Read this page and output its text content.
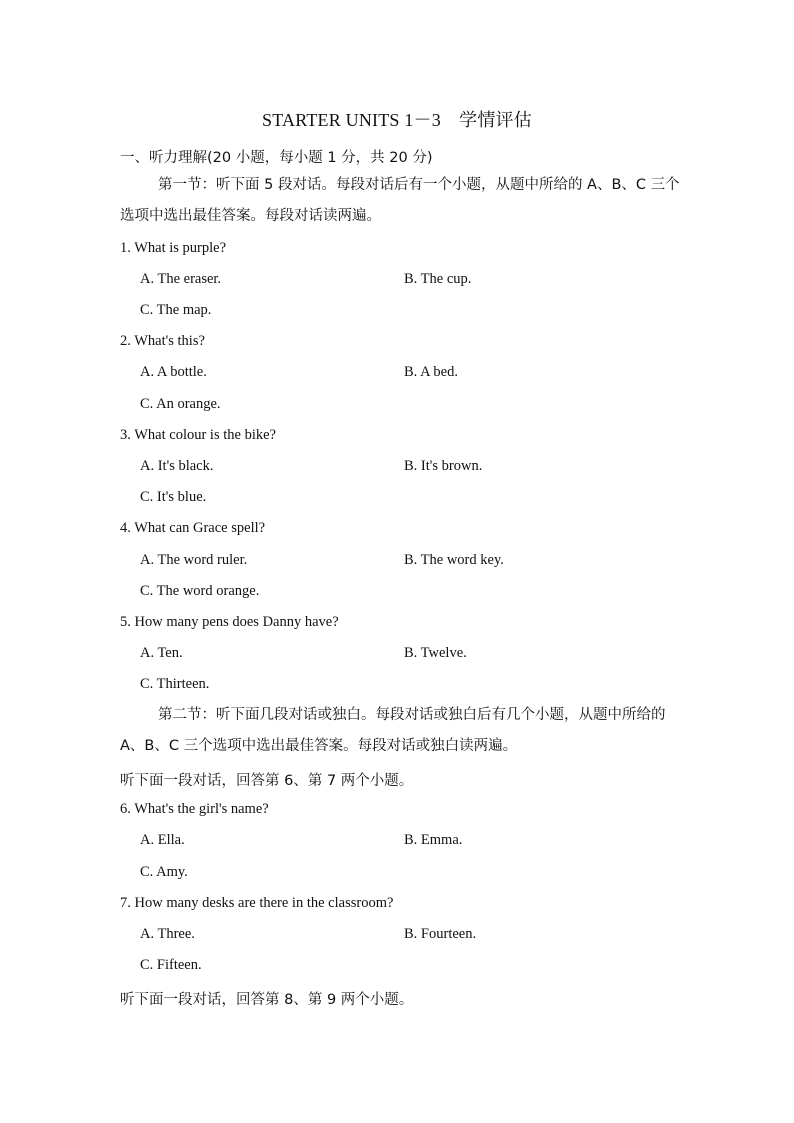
STARTER UNITS 1－3　学情评估
一、听力理解(20 小题，每小题 1 分，共 20 分)
第一节：听下面 5 段对话。每段对话后有一个小题，从题中所给的 A、B、C 三个选项中选出最佳答案。每段对话读两遍。
1. What is purple?
A. The eraser.	B. The cup.
C. The map.
2. What's this?
A. A bottle.	B. A bed.
C. An orange.
3. What colour is the bike?
A. It's black.	B. It's brown.
C. It's blue.
4. What can Grace spell?
A. The word ruler.	B. The word key.
C. The word orange.
5. How many pens does Danny have?
A. Ten.	B. Twelve.
C. Thirteen.
第二节：听下面几段对话或独白。每段对话或独白后有几个小题，从题中所给的 A、B、C 三个选项中选出最佳答案。每段对话或独白读两遍。
听下面一段对话，回答第 6、第 7 两个小题。
6. What's the girl's name?
A. Ella.	B. Emma.
C. Amy.
7. How many desks are there in the classroom?
A. Three.	B. Fourteen.
C. Fifteen.
听下面一段对话，回答第 8、第 9 两个小题。
